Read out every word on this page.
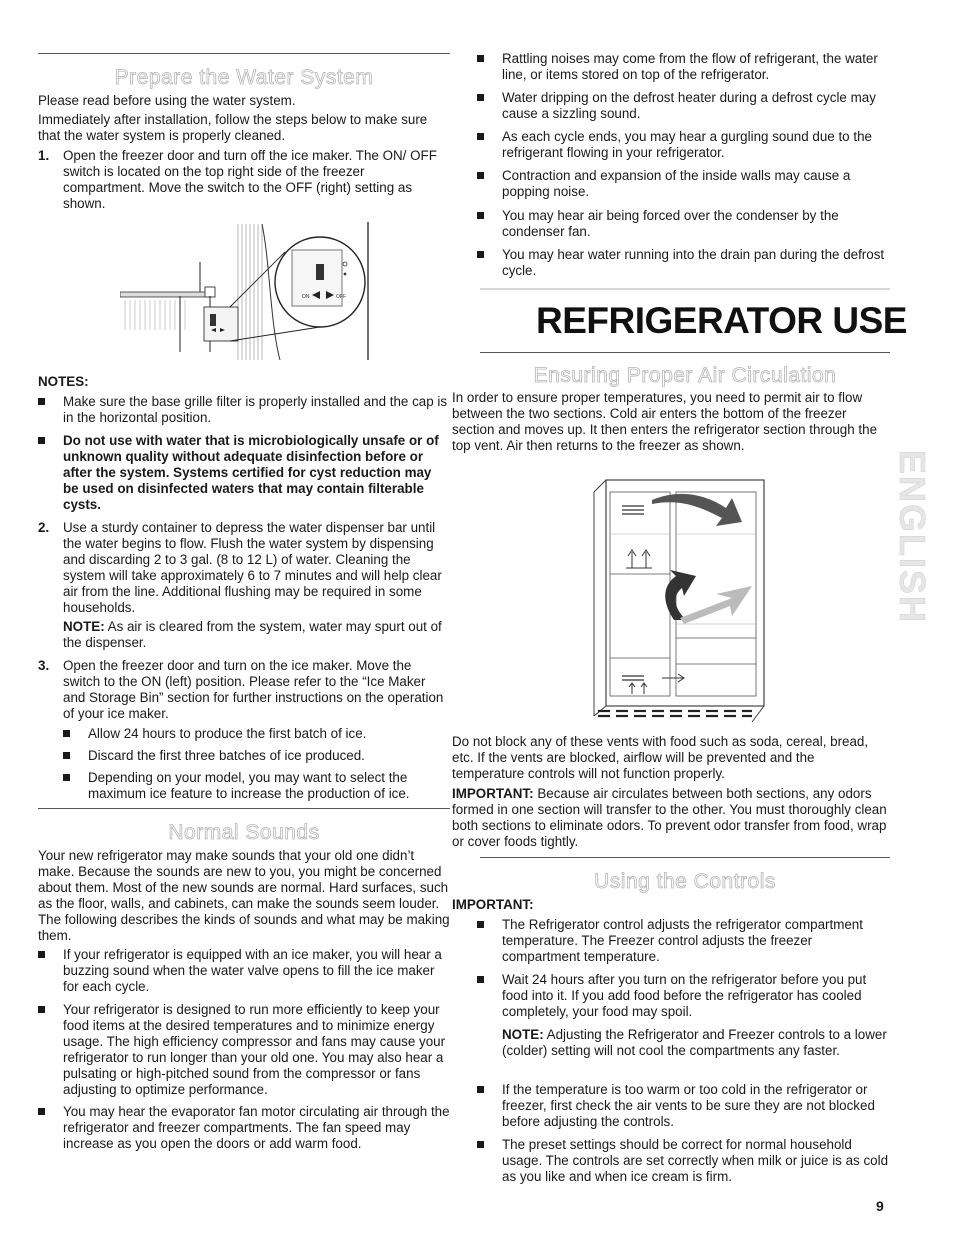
Prepare the Water System
Please read before using the water system.
Immediately after installation, follow the steps below to make sure that the water system is properly cleaned.
1. Open the freezer door and turn off the ice maker. The ON/ OFF switch is located on the top right side of the freezer compartment. Move the switch to the OFF (right) setting as shown.
ON	OFF
NOTES:
Make sure the base grille filter is properly installed and the cap is in the horizontal position.
Do not use with water that is microbiologically unsafe or of unknown quality without adequate disinfection before or after the system. Systems certified for cyst reduction may be used on disinfected waters that may contain filterable cysts.
2. Use a sturdy container to depress the water dispenser bar until the water begins to flow. Flush the water system by dispensing and discarding 2 to 3 gal. (8 to 12 L) of water. Cleaning the system will take approximately 6 to 7 minutes and will help clear air from the line. Additional flushing may be required in some households.
NOTE: As air is cleared from the system, water may spurt out of the dispenser.
3. Open the freezer door and turn on the ice maker. Move the switch to the ON (left) position. Please refer to the “Ice Maker and Storage Bin” section for further instructions on the operation of your ice maker.
Allow 24 hours to produce the first batch of ice.
Discard the first three batches of ice produced.
Depending on your model, you may want to select the maximum ice feature to increase the production of ice.
Normal Sounds
Your new refrigerator may make sounds that your old one didn’t make. Because the sounds are new to you, you might be concerned about them. Most of the new sounds are normal. Hard surfaces, such as the floor, walls, and cabinets, can make the sounds seem louder. The following describes the kinds of sounds and what may be making them.
If your refrigerator is equipped with an ice maker, you will hear a buzzing sound when the water valve opens to fill the ice maker for each cycle.
Your refrigerator is designed to run more efficiently to keep your food items at the desired temperatures and to minimize energy usage. The high efficiency compressor and fans may cause your refrigerator to run longer than your old one. You may also hear a pulsating or high-pitched sound from the compressor or fans adjusting to optimize performance.
You may hear the evaporator fan motor circulating air through the refrigerator and freezer compartments. The fan speed may increase as you open the doors or add warm food.
Rattling noises may come from the flow of refrigerant, the water line, or items stored on top of the refrigerator.
Water dripping on the defrost heater during a defrost cycle may cause a sizzling sound.
As each cycle ends, you may hear a gurgling sound due to the refrigerant flowing in your refrigerator.
Contraction and expansion of the inside walls may cause a popping noise.
You may hear air being forced over the condenser by the condenser fan.
You may hear water running into the drain pan during the defrost cycle.
REFRIGERATOR USE
Ensuring Proper Air Circulation
In order to ensure proper temperatures, you need to permit air to flow between the two sections. Cold air enters the bottom of the freezer section and moves up. It then enters the refrigerator section through the top vent. Air then returns to the freezer as shown.
Do not block any of these vents with food such as soda, cereal, bread, etc. If the vents are blocked, airflow will be prevented and the temperature controls will not function properly.
IMPORTANT: Because air circulates between both sections, any odors formed in one section will transfer to the other. You must thoroughly clean both sections to eliminate odors. To prevent odor transfer from food, wrap or cover foods tightly.
Using the Controls
IMPORTANT:
The Refrigerator control adjusts the refrigerator compartment temperature. The Freezer control adjusts the freezer compartment temperature.
Wait 24 hours after you turn on the refrigerator before you put food into it. If you add food before the refrigerator has cooled completely, your food may spoil.
NOTE: Adjusting the Refrigerator and Freezer controls to a lower (colder) setting will not cool the compartments any faster.
If the temperature is too warm or too cold in the refrigerator or freezer, first check the air vents to be sure they are not blocked before adjusting the controls.
The preset settings should be correct for normal household usage. The controls are set correctly when milk or juice is as cold as you like and when ice cream is firm.
ENGLISH
9
